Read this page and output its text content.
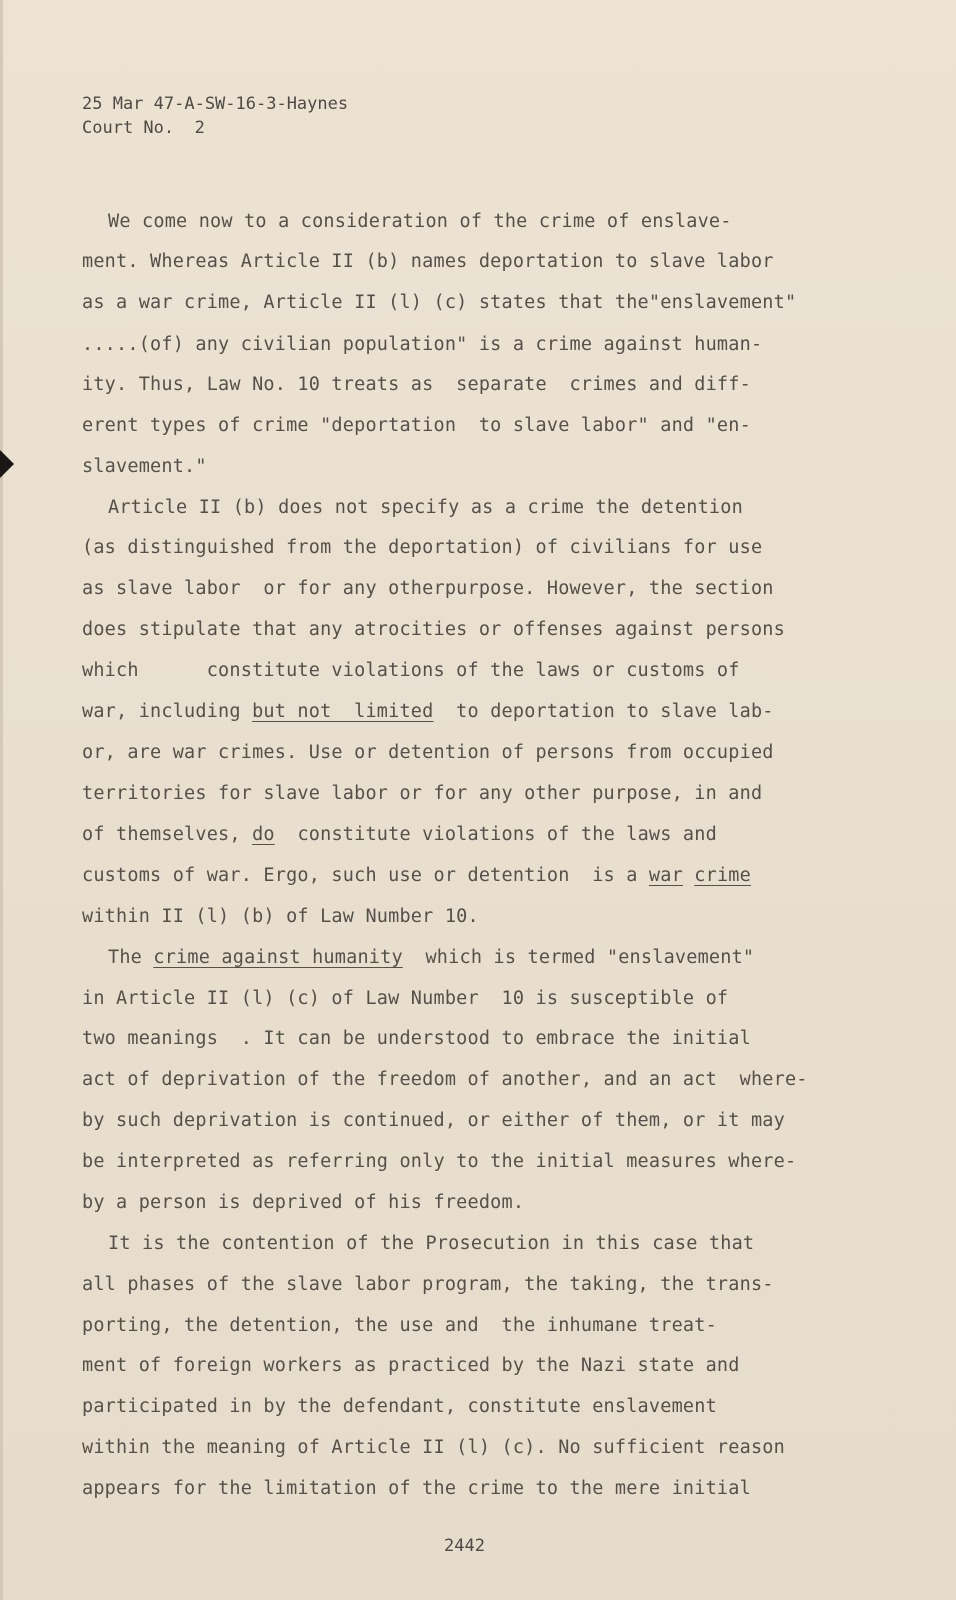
25 Mar 47-A-SW-16-3-Haynes
Court No.  2
We come now to a consideration of the crime of enslave-
ment. Whereas Article II (b) names deportation to slave labor
as a war crime, Article II (l) (c) states that the"enslavement"
.....(of) any civilian population" is a crime against human-
ity. Thus, Law No. 10 treats as  separate  crimes and diff-
erent types of crime "deportation  to slave labor" and "en-
slavement."
Article II (b) does not specify as a crime the detention
(as distinguished from the deportation) of civilians for use
as slave labor  or for any otherpurpose. However, the section
does stipulate that any atrocities or offenses against persons
which      constitute violations of the laws or customs of
war, including but not  limited  to deportation to slave lab-
or, are war crimes. Use or detention of persons from occupied
territories for slave labor or for any other purpose, in and
of themselves, do  constitute violations of the laws and
customs of war. Ergo, such use or detention  is a war crime
within II (l) (b) of Law Number 10.
The crime against humanity  which is termed "enslavement"
in Article II (l) (c) of Law Number  10 is susceptible of
two meanings  . It can be understood to embrace the initial
act of deprivation of the freedom of another, and an act  where-
by such deprivation is continued, or either of them, or it may
be interpreted as referring only to the initial measures where-
by a person is deprived of his freedom.
It is the contention of the Prosecution in this case that
all phases of the slave labor program, the taking, the trans-
porting, the detention, the use and  the inhumane treat-
ment of foreign workers as practiced by the Nazi state and
participated in by the defendant, constitute enslavement
within the meaning of Article II (l) (c). No sufficient reason
appears for the limitation of the crime to the mere initial
2442
